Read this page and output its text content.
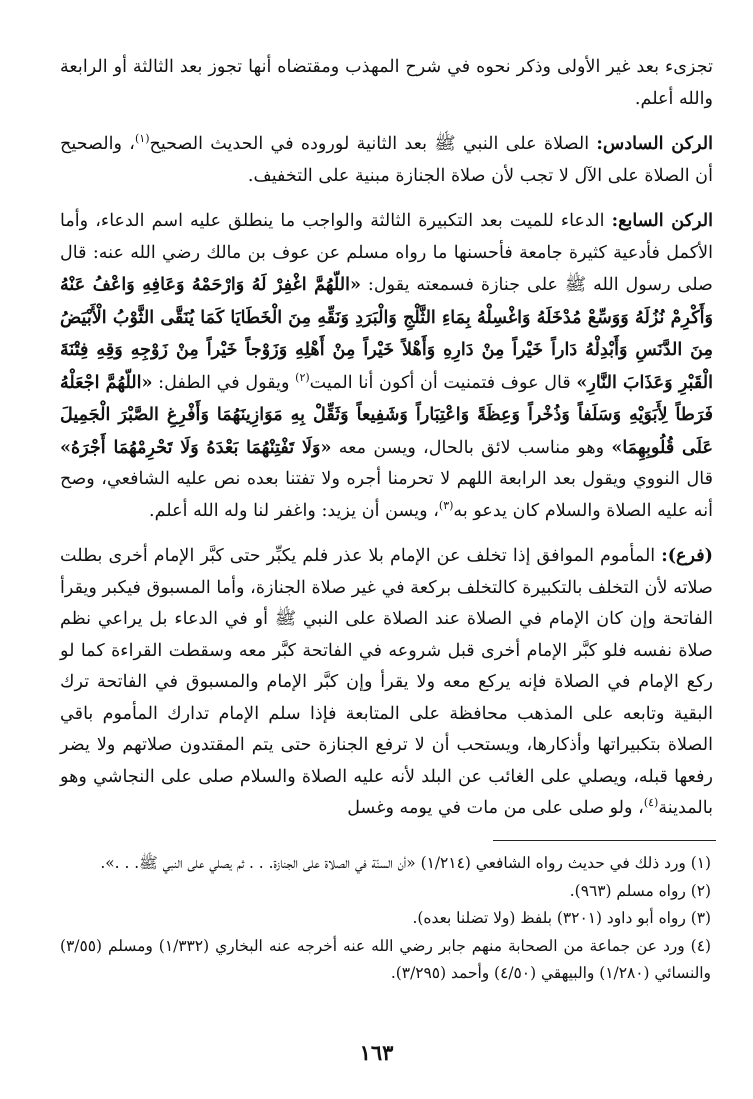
تجزىء بعد غير الأولى وذكر نحوه في شرح المهذب ومقتضاه أنها تجوز بعد الثالثة أو الرابعة والله أعلم.

الركن السادس: الصلاة على النبي ﷺ بعد الثانية لوروده في الحديث الصحيح$^{(١)}$، والصحيح أن الصلاة على الآل لا تجب لأن صلاة الجنازة مبنية على التخفيف.

الركن السابع: الدعاء للميت بعد التكبيرة الثالثة والواجب ما ينطلق عليه اسم الدعاء، وأما الأكمل فأدعية كثيرة جامعة فأحسنها ما رواه مسلم عن عوف بن مالك رضي الله عنه: قال صلى رسول الله ﷺ على جنازة فسمعته يقول: «اللّهُمَّ اغْفِرْ لَهُ وَارْحَمْهُ وَعَافِهِ وَاعْفُ عَنْهُ وَأَكْرِمْ نُزُلَهُ وَوَسِّعْ مُدْخَلَهُ وَاغْسِلْهُ بِمَاءِ الثَّلْجِ وَالْبَرَدِ وَنَقِّهِ مِنَ الْخَطَايَا كَمَا يُنَقَّى الثَّوْبُ الْأَبْيَضُ مِنَ الدَّنَسِ وَأَبْدِلْهُ دَاراً خَيْراً مِنْ دَارِهِ وَأَهْلاً خَيْراً مِنْ أَهْلِهِ وَزَوْجاً خَيْراً مِنْ زَوْجِهِ وَقِهِ فِتْنَةَ الْقَبْرِ وَعَذَابَ النَّارِ» قال عوف فتمنيت أن أكون أنا الميت$^{(٢)}$ ويقول في الطفل: «اللّهُمَّ اجْعَلْهُ فَرَطاً لِأَبَوَيْهِ وَسَلَفاً وَذُخْراً وَعِظَةً وَاعْتِبَاراً وَشَفِيعاً وَثَقِّلْ بِهِ مَوَازِينَهُمَا وَأَفْرِغِ الصَّبْرَ الْجَمِيلَ عَلَى قُلُوبِهِمَا» وهو مناسب لائق بالحال، ويسن معه «وَلَا تَفْتِنْهُمَا بَعْدَهُ وَلَا تَحْرِمْهُمَا أَجْرَهُ» قال النووي ويقول بعد الرابعة اللهم لا تحرمنا أجره ولا تفتنا بعده نص عليه الشافعي، وصح أنه عليه الصلاة والسلام كان يدعو به$^{(٣)}$، ويسن أن يزيد: واغفر لنا وله الله أعلم.

(فرع): المأموم الموافق إذا تخلف عن الإمام بلا عذر فلم يكبِّر حتى كبَّر الإمام أخرى بطلت صلاته لأن التخلف بالتكبيرة كالتخلف بركعة في غير صلاة الجنازة، وأما المسبوق فيكبر ويقرأ الفاتحة وإن كان الإمام في الصلاة عند الصلاة على النبي ﷺ أو في الدعاء بل يراعي نظم صلاة نفسه فلو كبَّر الإمام أخرى قبل شروعه في الفاتحة كبَّر معه وسقطت القراءة كما لو ركع الإمام في الصلاة فإنه يركع معه ولا يقرأ وإن كبَّر الإمام والمسبوق في الفاتحة ترك البقية وتابعه على المذهب محافظة على المتابعة فإذا سلم الإمام تدارك المأموم باقي الصلاة بتكبيراتها وأذكارها، ويستحب أن لا ترفع الجنازة حتى يتم المقتدون صلاتهم ولا يضر رفعها قبله، ويصلي على الغائب عن البلد لأنه عليه الصلاة والسلام صلى على النجاشي وهو بالمدينة$^{(٤)}$، ولو صلى على من مات في يومه وغسل

(١) ورد ذلك في حديث رواه الشافعي (١/٢١٤) «أن السنّة في الصلاة على الجنازة. . . ثم يصلي على النبي ﷺ. . .».

(٢) رواه مسلم (٩٦٣).

(٣) رواه أبو داود (٣٢٠١) بلفظ (ولا تضلنا بعده).

(٤) ورد عن جماعة من الصحابة منهم جابر رضي الله عنه أخرجه عنه البخاري (١/٣٣٢) ومسلم (٣/٥٥) والنسائي (١/٢٨٠) والبيهقي (٤/٥٠) وأحمد (٣/٢٩٥).

١٦٣
